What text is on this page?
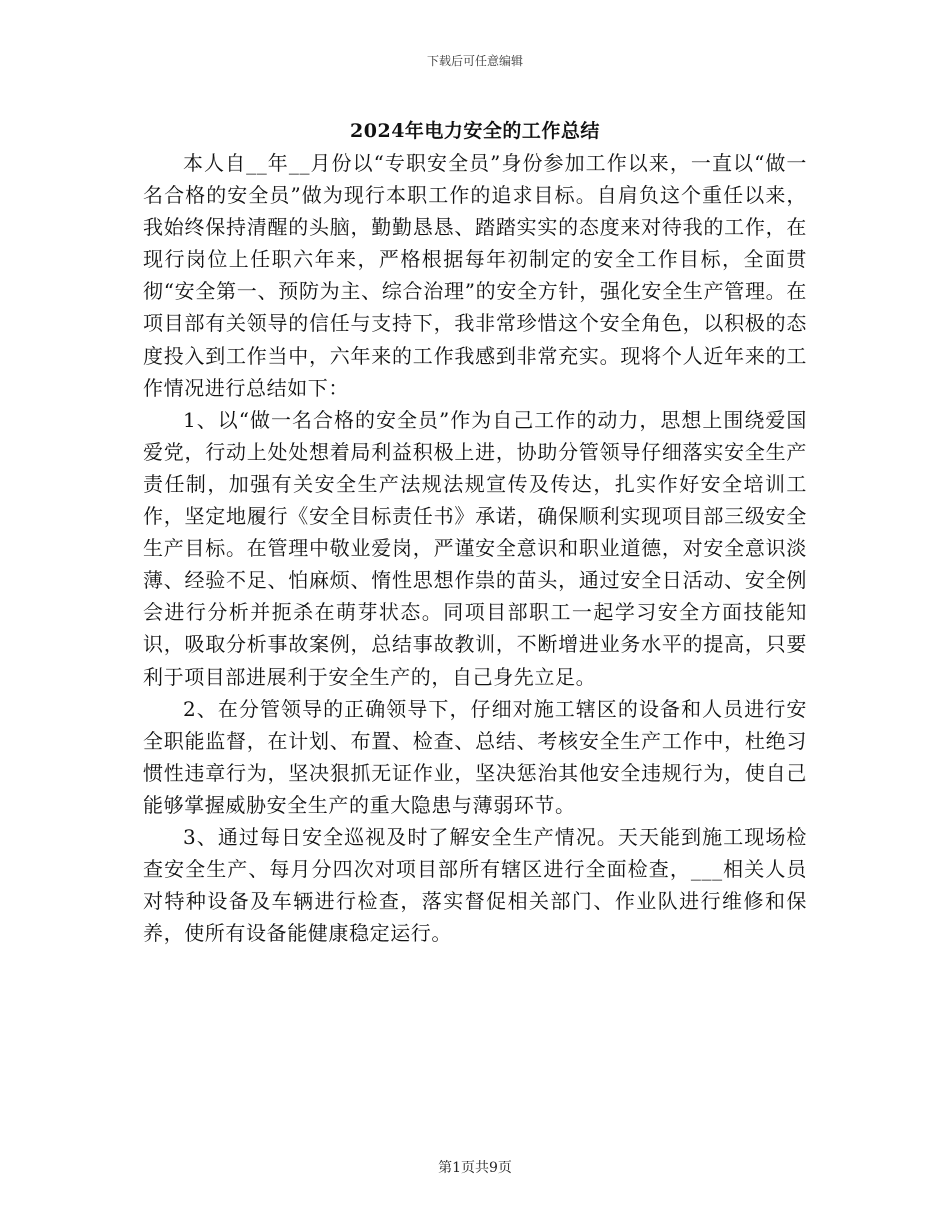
下载后可任意编辑
2024年电力安全的工作总结

本人自__年__月份以“专职安全员”身份参加工作以来，一直以“做一名合格的安全员”做为现行本职工作的追求目标。自肩负这个重任以来，我始终保持清醒的头脑，勤勤恳恳、踏踏实实的态度来对待我的工作，在现行岗位上任职六年来，严格根据每年初制定的安全工作目标，全面贯彻“安全第一、预防为主、综合治理”的安全方针，强化安全生产管理。在项目部有关领导的信任与支持下，我非常珍惜这个安全角色，以积极的态度投入到工作当中，六年来的工作我感到非常充实。现将个人近年来的工作情况进行总结如下：

1、以“做一名合格的安全员”作为自己工作的动力，思想上围绕爱国爱党，行动上处处想着局利益积极上进，协助分管领导仔细落实安全生产责任制，加强有关安全生产法规法规宣传及传达，扎实作好安全培训工作，坚定地履行《安全目标责任书》承诺，确保顺利实现项目部三级安全生产目标。在管理中敬业爱岗，严谨安全意识和职业道德，对安全意识淡薄、经验不足、怕麻烦、惰性思想作祟的苗头，通过安全日活动、安全例会进行分析并扼杀在萌芽状态。同项目部职工一起学习安全方面技能知识，吸取分析事故案例，总结事故教训，不断增进业务水平的提高，只要利于项目部进展利于安全生产的，自己身先立足。

2、在分管领导的正确领导下，仔细对施工辖区的设备和人员进行安全职能监督，在计划、布置、检查、总结、考核安全生产工作中，杜绝习惯性违章行为，坚决狠抓无证作业，坚决惩治其他安全违规行为，使自己能够掌握威胁安全生产的重大隐患与薄弱环节。

3、通过每日安全巡视及时了解安全生产情况。天天能到施工现场检查安全生产、每月分四次对项目部所有辖区进行全面检查，___相关人员对特种设备及车辆进行检查，落实督促相关部门、作业队进行维修和保养，使所有设备能健康稳定运行。

第1页共9页
